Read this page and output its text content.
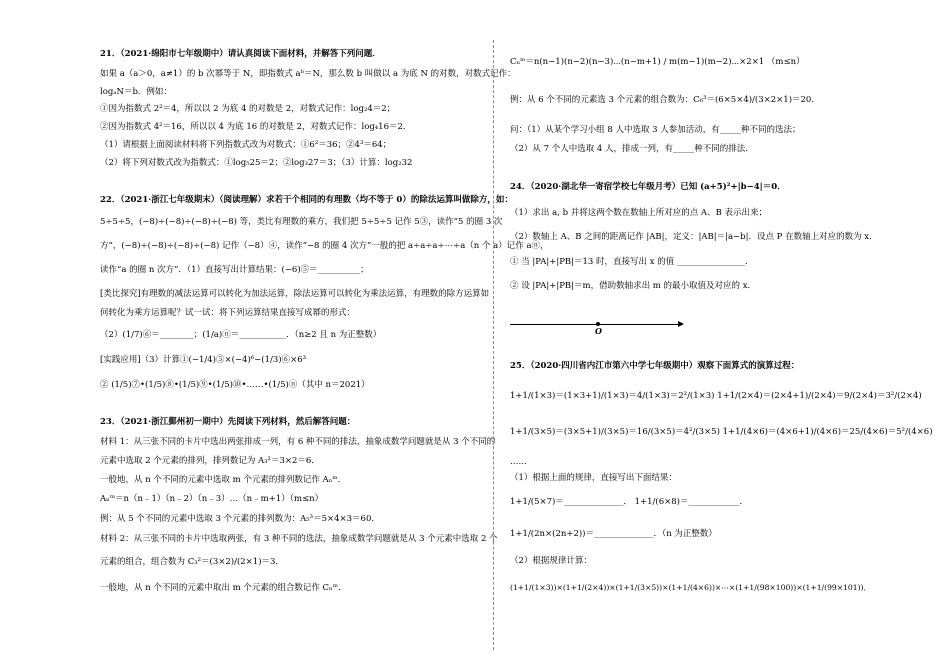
21．（2021·绵阳市七年级期中）请认真阅读下面材料，并解答下列问题．
如果 a（a＞0，a≠1）的 b 次幂等于 N，即指数式 aᵇ＝N，那么数 b 叫做以 a 为底 N 的对数，对数式记作：
logₐN＝b．例如：
①因为指数式 2²＝4，所以以 2 为底 4 的对数是 2，对数式记作：log₂4＝2；
②因为指数式 4²＝16，所以以 4 为底 16 的对数是 2，对数式记作：log₄16＝2．
（1）请根据上面阅读材料将下列指数式改为对数式：①6²＝36；②4³＝64；
（2）将下列对数式改为指数式：①log₅25＝2；②log₃27＝3；（3）计算：log₂32
22．（2021·浙江七年级期末）（阅读理解）求若干个相同的有理数（均不等于 0）的除法运算叫做除方，如：
5÷5÷5，(−8)÷(−8)÷(−8)÷(−8) 等，类比有理数的乘方，我们把 5÷5÷5 记作 5③，读作“5 的圈 3 次
方”，(−8)÷(−8)÷(−8)÷(−8) 记作（−8）④，读作“−8 的圈 4 次方”一般的把 a÷a÷a÷⋯÷a（n 个 a）记作 aⓝ，
读作“a 的圈 n 次方”．（1）直接写出计算结果：(−6)⑤＝__________；
[类比探究]有理数的减法运算可以转化为加法运算，除法运算可以转化为乘法运算，有理数的除方运算如
何转化为乘方运算呢？试一试：将下列运算结果直接写成幂的形式：
（2）(1/7)⑥＝________；(1/a)ⓝ＝___________．（n≥2 且 n 为正整数）
[实践应用]（3）计算①(−1/4)⑤×(−4)⁶−(1/3)⑥×6³
② (1/5)⑦•(1/5)⑧•(1/5)⑨•(1/5)⑩•……•(1/5)ⓝ（其中 n＝2021）
23．（2021·浙江鄞州初一期中）先阅读下列材料，然后解答问题：
材料 1：从三张不同的卡片中选出两张排成一列，有 6 种不同的排法，抽象成数学问题就是从 3 个不同的
元素中选取 2 个元素的排列，排列数记为 A₃²＝3×2＝6．
一般地，从 n 个不同的元素中选取 m 个元素的排列数记作 Aₙᵐ．
Aₙᵐ＝n（n﹣1）（n﹣2）（n﹣3）…（n﹣m+1）（m≤n）
例：从 5 个不同的元素中选取 3 个元素的排列数为：A₅³＝5×4×3＝60．
材料 2：从三张不同的卡片中选取两张，有 3 种不同的选法，抽象成数学问题就是从 3 个元素中选取 2 个
元素的组合，组合数为 C₃²＝(3×2)/(2×1)＝3．
一般地，从 n 个不同的元素中取出 m 个元素的组合数记作 Cₙᵐ．
Cₙᵐ＝n(n−1)(n−2)(n−3)⋯(n−m+1) / m(m−1)(m−2)⋯×2×1 （m≤n）
例：从 6 个不同的元素选 3 个元素的组合数为：C₆³＝(6×5×4)/(3×2×1)＝20．
问：（1）从某个学习小组 8 人中选取 3 人参加活动，有_____种不同的选法；
（2）从 7 个人中选取 4 人，排成一列，有_____种不同的排法．
24．（2020·湖北华一寄宿学校七年级月考）已知 (a+5)²+|b−4|＝0．
（1）求出 a, b 并将这两个数在数轴上所对应的点 A、B 表示出来；
（2）数轴上 A、B 之间的距离记作 |AB|，定义：|AB|＝|a−b|．设点 P 在数轴上对应的数为 x．
① 当 |PA|+|PB|＝13 时，直接写出 x 的值 ________________．
② 设 |PA|+|PB|＝m，借助数轴求出 m 的最小取值及对应的 x．
O
25．（2020·四川省内江市第六中学七年级期中）观察下面算式的演算过程：
1+1/(1×3)＝(1×3+1)/(1×3)＝4/(1×3)＝2²/(1×3) 1+1/(2×4)＝(2×4+1)/(2×4)＝9/(2×4)＝3²/(2×4)
1+1/(3×5)＝(3×5+1)/(3×5)＝16/(3×5)＝4²/(3×5) 1+1/(4×6)＝(4×6+1)/(4×6)＝25/(4×6)＝5²/(4×6)
……
（1）根据上面的规律，直接写出下面结果：
1+1/(5×7)＝______________． 1+1/(6×8)＝____________．
1+1/(2n×(2n+2))＝______________．（n 为正整数）
（2）根据规律计算：
(1+1/(1×3))×(1+1/(2×4))×(1+1/(3×5))×(1+1/(4×6))×⋯×(1+1/(98×100))×(1+1/(99×101))．
